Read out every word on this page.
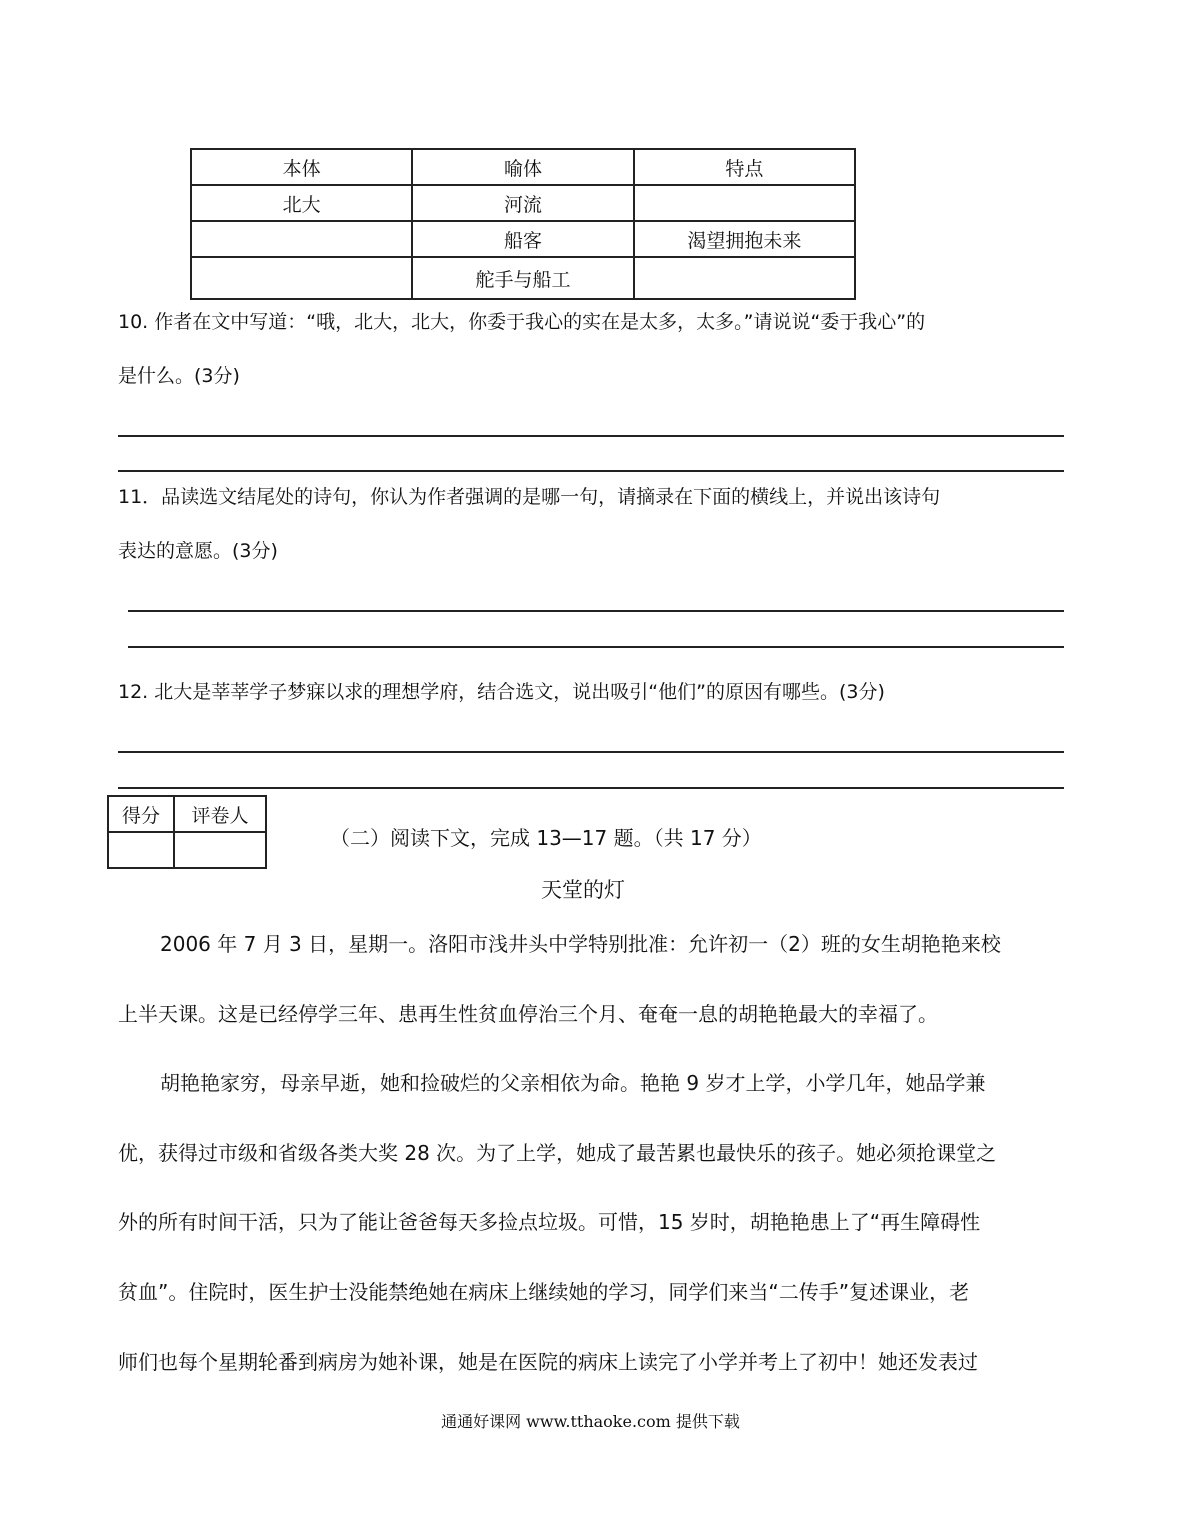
本体	喻体	特点
北大	河流	
	船客	渴望拥抱未来
	舵手与船工	
10. 作者在文中写道：“哦，北大，北大，你委于我心的实在是太多，太多。”请说说“委于我心”的
是什么。(3分)
11．品读选文结尾处的诗句，你认为作者强调的是哪一句，请摘录在下面的横线上，并说出该诗句
表达的意愿。(3分)
12. 北大是莘莘学子梦寐以求的理想学府，结合选文，说出吸引“他们”的原因有哪些。(3分)
得分	评卷人

（二）阅读下文，完成 13—17 题。（共 17 分）
天堂的灯
2006 年 7 月 3 日，星期一。洛阳市浅井头中学特别批准：允许初一（2）班的女生胡艳艳来校
上半天课。这是已经停学三年、患再生性贫血停治三个月、奄奄一息的胡艳艳最大的幸福了。
胡艳艳家穷，母亲早逝，她和捡破烂的父亲相依为命。艳艳 9 岁才上学，小学几年，她品学兼
优，获得过市级和省级各类大奖 28 次。为了上学，她成了最苦累也最快乐的孩子。她必须抢课堂之
外的所有时间干活，只为了能让爸爸每天多捡点垃圾。可惜，15 岁时，胡艳艳患上了“再生障碍性
贫血”。住院时，医生护士没能禁绝她在病床上继续她的学习，同学们来当“二传手”复述课业，老
师们也每个星期轮番到病房为她补课，她是在医院的病床上读完了小学并考上了初中！她还发表过
通通好课网 www.tthaoke.com 提供下载
